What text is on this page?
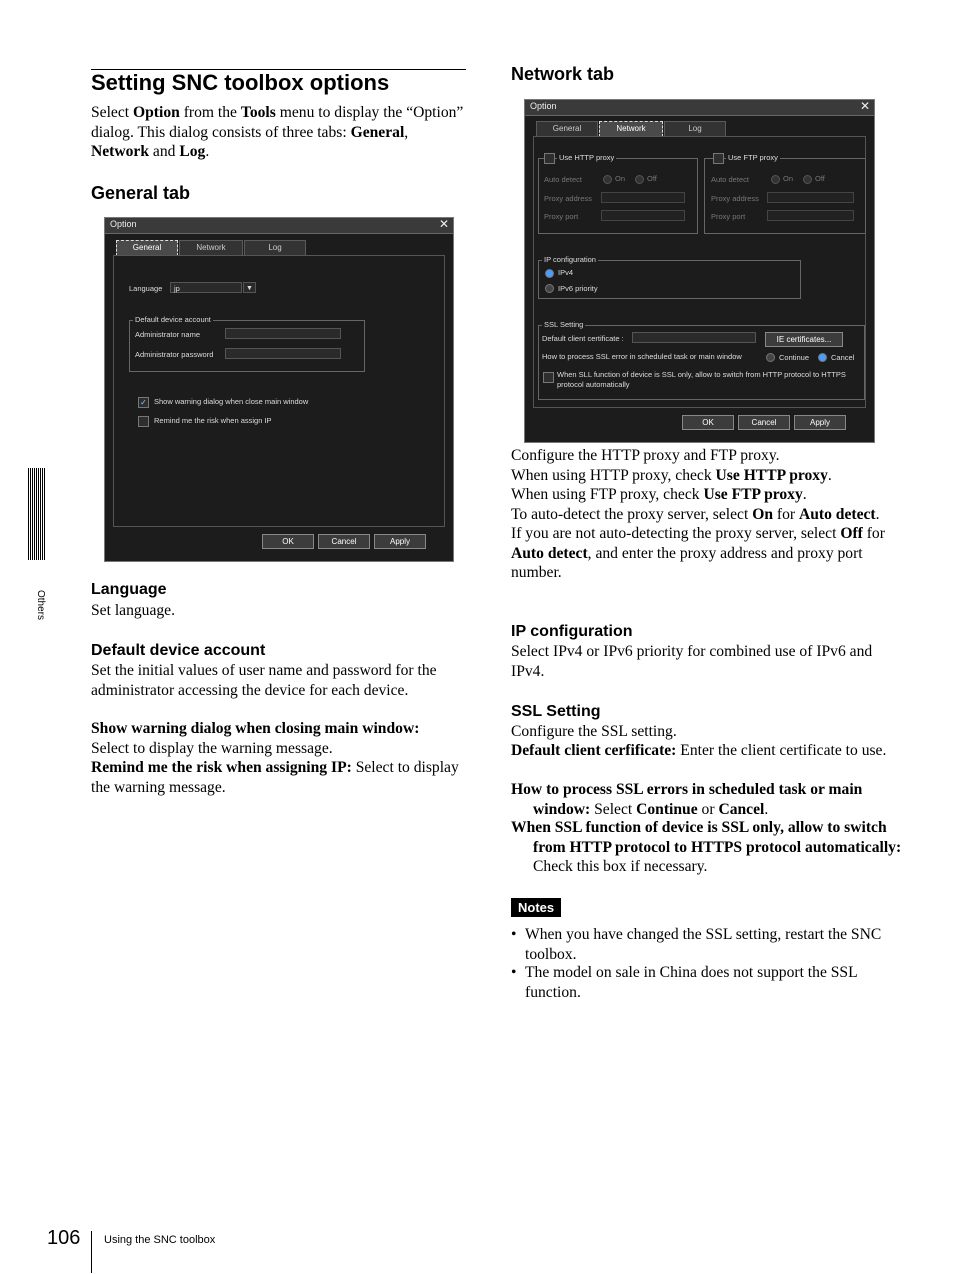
Others
Setting SNC toolbox options
Select Option from the Tools menu to display the “Option” dialog. This dialog consists of three tabs: General, Network and Log.
General tab
Option	✕
General	Network	Log
Language	jp	▼
Default device account
Administrator name
Administrator password
✓ Show warning dialog when close main window
Remind me the risk when assign IP
OK	Cancel	Apply
Language
Set language.
Default device account
Set the initial values of user name and password for the administrator accessing the device for each device.
Show warning dialog when closing main window:
Select to display the warning message.
Remind me the risk when assigning IP: Select to display the warning message.
Network tab
Option	✕
General	Network	Log
Use HTTP proxy
Auto detect	On	Off
Proxy address
Proxy port
Use FTP proxy
Auto detect	On	Off
Proxy address
Proxy port
IP configuration
IPv4
IPv6 priority
SSL Setting
Default client certificate :	IE certificates...
How to process SSL error in scheduled task or main window	Continue	Cancel
When SLL function of device is SSL only, allow to switch from HTTP protocol to HTTPS protocol automatically
OK	Cancel	Apply
Configure the HTTP proxy and FTP proxy.
When using HTTP proxy, check Use HTTP proxy.
When using FTP proxy, check Use FTP proxy.
To auto-detect the proxy server, select On for Auto detect.
If you are not auto-detecting the proxy server, select Off for Auto detect, and enter the proxy address and proxy port number.
IP configuration
Select IPv4 or IPv6 priority for combined use of IPv6 and IPv4.
SSL Setting
Configure the SSL setting.
Default client cerfificate: Enter the client certificate to use.
How to process SSL errors in scheduled task or main window: Select Continue or Cancel.
When SSL function of device is SSL only, allow to switch from HTTP protocol to HTTPS protocol automatically: Check this box if necessary.
Notes
• When you have changed the SSL setting, restart the SNC toolbox.
• The model on sale in China does not support the SSL function.
106 Using the SNC toolbox
